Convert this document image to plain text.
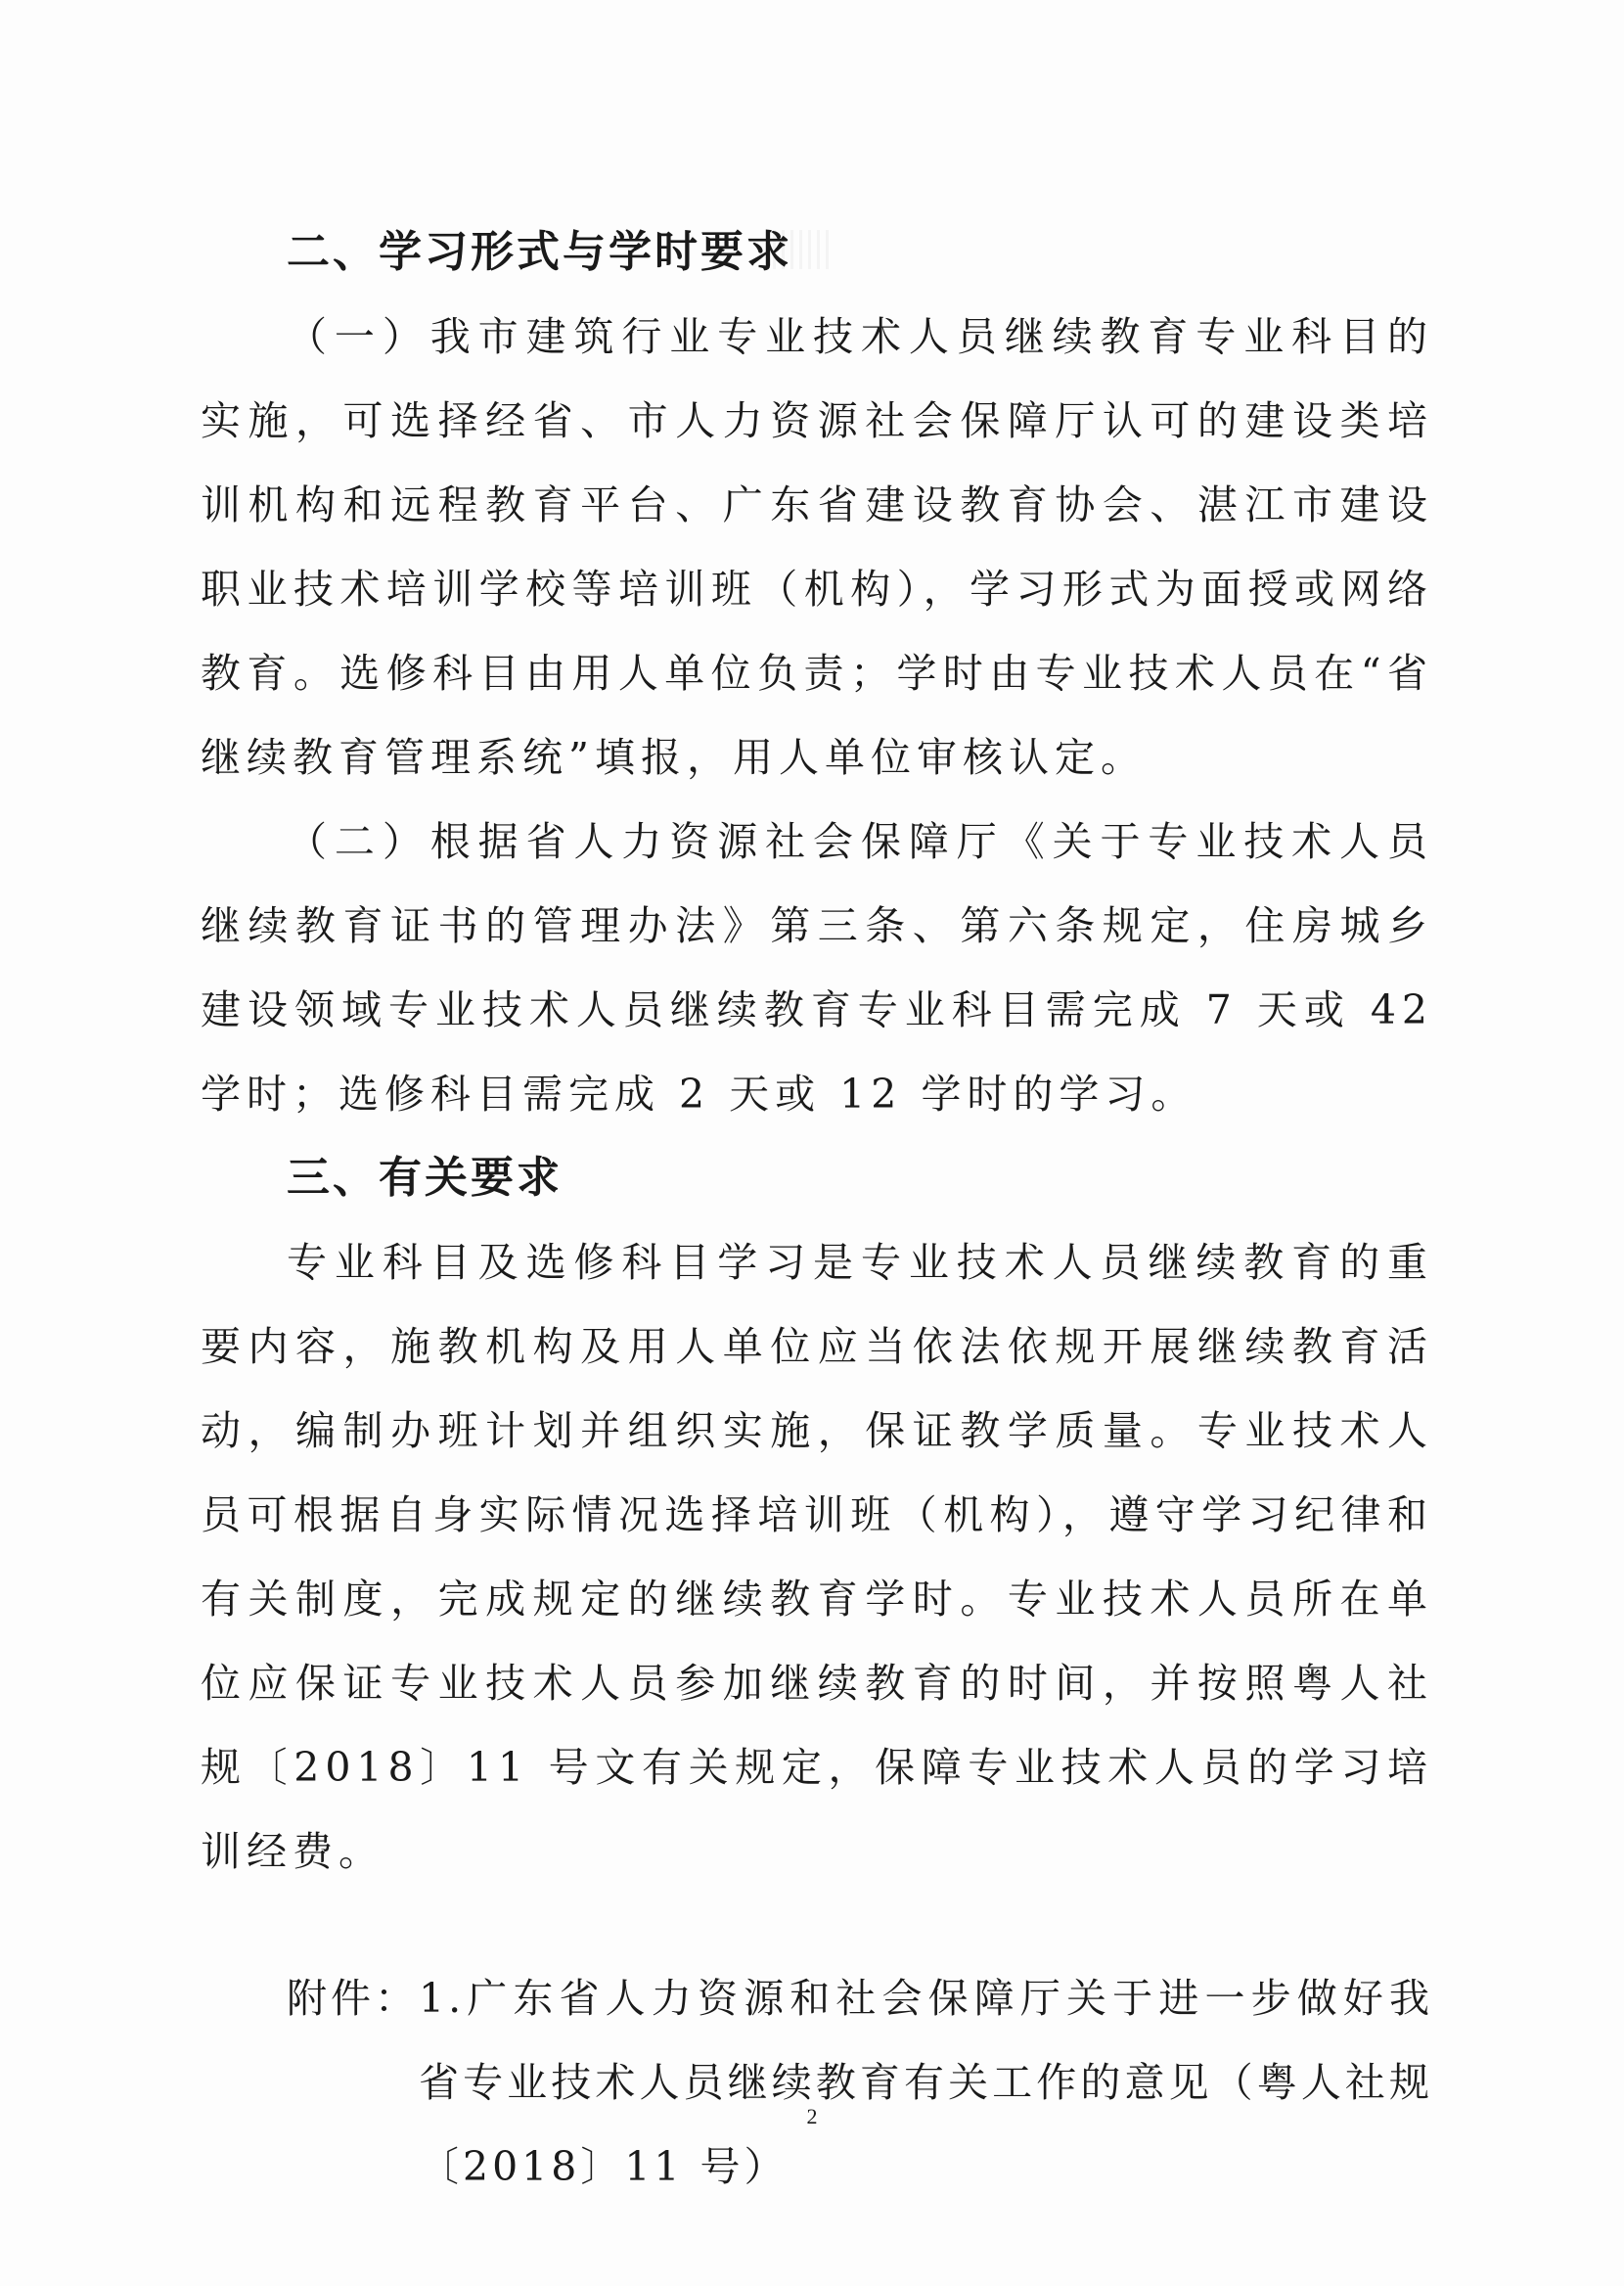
二、学习形式与学时要求

（一）我市建筑行业专业技术人员继续教育专业科目的实施，可选择经省、市人力资源社会保障厅认可的建设类培训机构和远程教育平台、广东省建设教育协会、湛江市建设职业技术培训学校等培训班（机构），学习形式为面授或网络教育。选修科目由用人单位负责；学时由专业技术人员在“省继续教育管理系统”填报，用人单位审核认定。

（二）根据省人力资源社会保障厅《关于专业技术人员继续教育证书的管理办法》第三条、第六条规定，住房城乡建设领域专业技术人员继续教育专业科目需完成 7 天或 42 学时；选修科目需完成 2 天或 12 学时的学习。

三、有关要求

专业科目及选修科目学习是专业技术人员继续教育的重要内容，施教机构及用人单位应当依法依规开展继续教育活动，编制办班计划并组织实施，保证教学质量。专业技术人员可根据自身实际情况选择培训班（机构），遵守学习纪律和有关制度，完成规定的继续教育学时。专业技术人员所在单位应保证专业技术人员参加继续教育的时间，并按照粤人社规〔2018〕11 号文有关规定，保障专业技术人员的学习培训经费。

附件： 1.广东省人力资源和社会保障厅关于进一步做好我省专业技术人员继续教育有关工作的意见（粤人社规〔2018〕11 号）
2
